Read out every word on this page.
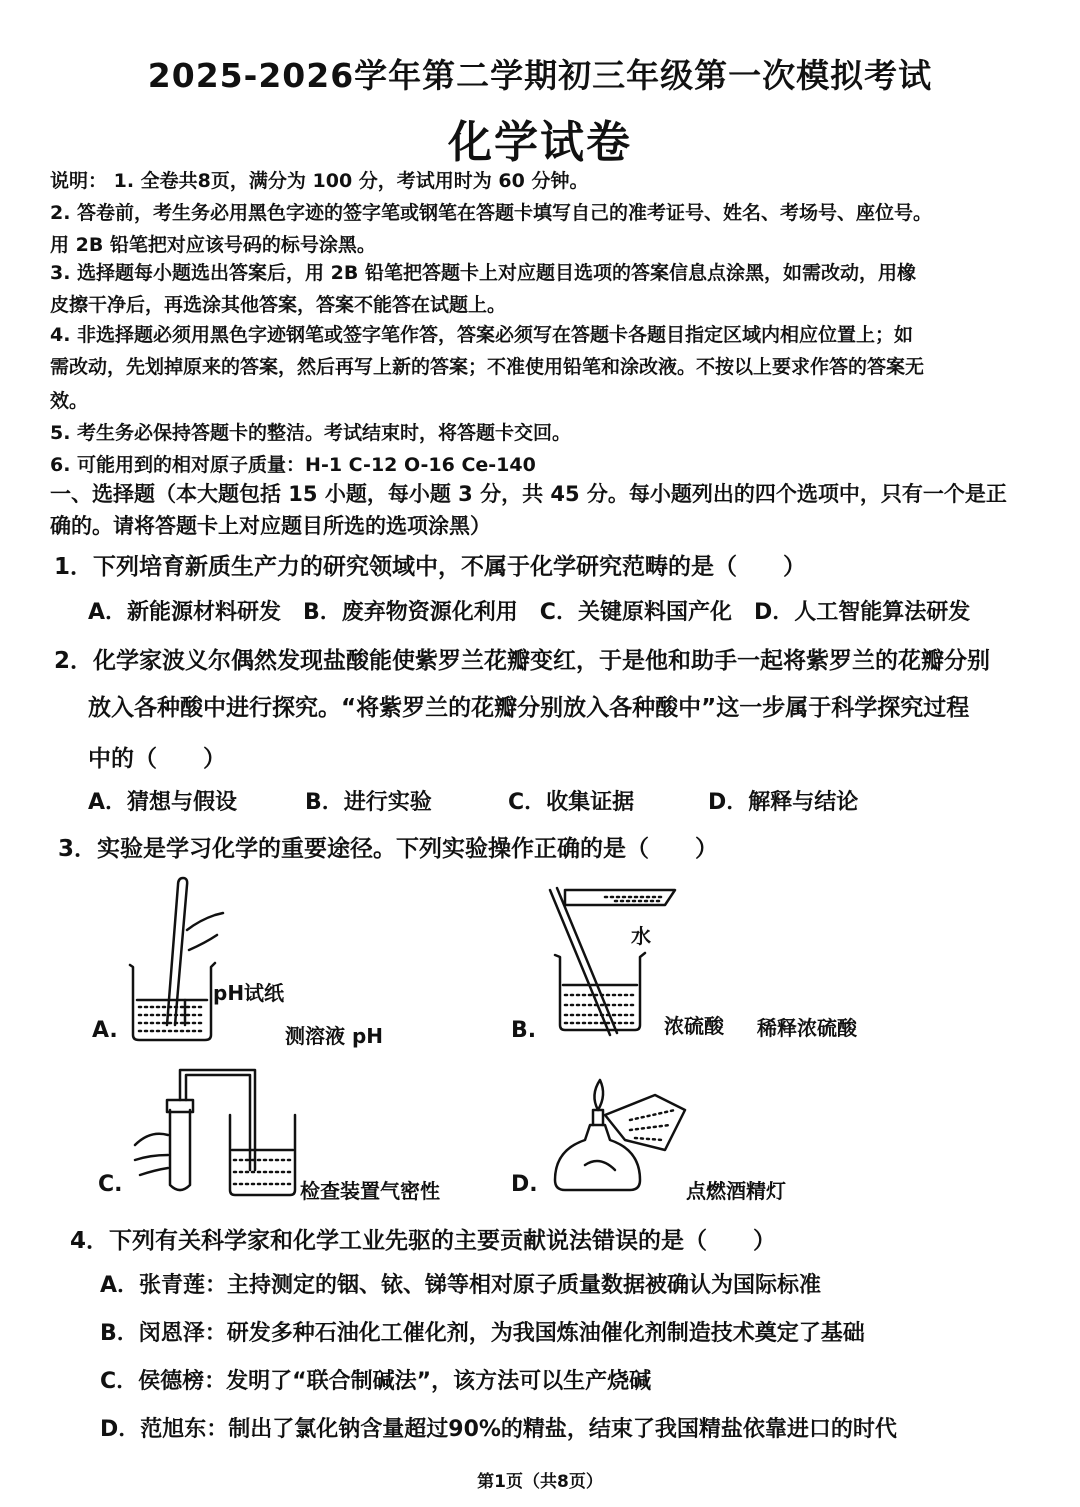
2025-2026学年第二学期初三年级第一次模拟考试
化学试卷
说明： 1. 全卷共8页，满分为 100 分，考试用时为 60 分钟。
2. 答卷前，考生务必用黑色字迹的签字笔或钢笔在答题卡填写自己的准考证号、姓名、考场号、座位号。
用 2B 铅笔把对应该号码的标号涂黑。
3. 选择题每小题选出答案后，用 2B 铅笔把答题卡上对应题目选项的答案信息点涂黑，如需改动，用橡
皮擦干净后，再选涂其他答案，答案不能答在试题上。
4. 非选择题必须用黑色字迹钢笔或签字笔作答，答案必须写在答题卡各题目指定区域内相应位置上；如
需改动，先划掉原来的答案，然后再写上新的答案；不准使用铅笔和涂改液。不按以上要求作答的答案无
效。
5. 考生务必保持答题卡的整洁。考试结束时，将答题卡交回。
6. 可能用到的相对原子质量：H-1 C-12 O-16 Ce-140
一、选择题（本大题包括 15 小题，每小题 3 分，共 45 分。每小题列出的四个选项中，只有一个是正
确的。请将答题卡上对应题目所选的选项涂黑）
1．下列培育新质生产力的研究领域中，不属于化学研究范畴的是（　　）
A．新能源材料研发　B．废弃物资源化利用　C．关键原料国产化　D．人工智能算法研发
2．化学家波义尔偶然发现盐酸能使紫罗兰花瓣变红，于是他和助手一起将紫罗兰的花瓣分别
放入各种酸中进行探究。“将紫罗兰的花瓣分别放入各种酸中”这一步属于科学探究过程
中的（　　）
A．猜想与假设	B．进行实验	C．收集证据	D．解释与结论
3．实验是学习化学的重要途径。下列实验操作正确的是（　　）
A.
pH试纸
测溶液 pH
水
B.	浓硫酸 稀释浓硫酸
C.	检查装置气密性	D.	点燃酒精灯
4．下列有关科学家和化学工业先驱的主要贡献说法错误的是（　　）
A．张青莲：主持测定的铟、铱、锑等相对原子质量数据被确认为国际标准
B．闵恩泽：研发多种石油化工催化剂，为我国炼油催化剂制造技术奠定了基础
C．侯德榜：发明了“联合制碱法”，该方法可以生产烧碱
D．范旭东：制出了氯化钠含量超过90%的精盐，结束了我国精盐依靠进口的时代
第1页（共8页）
